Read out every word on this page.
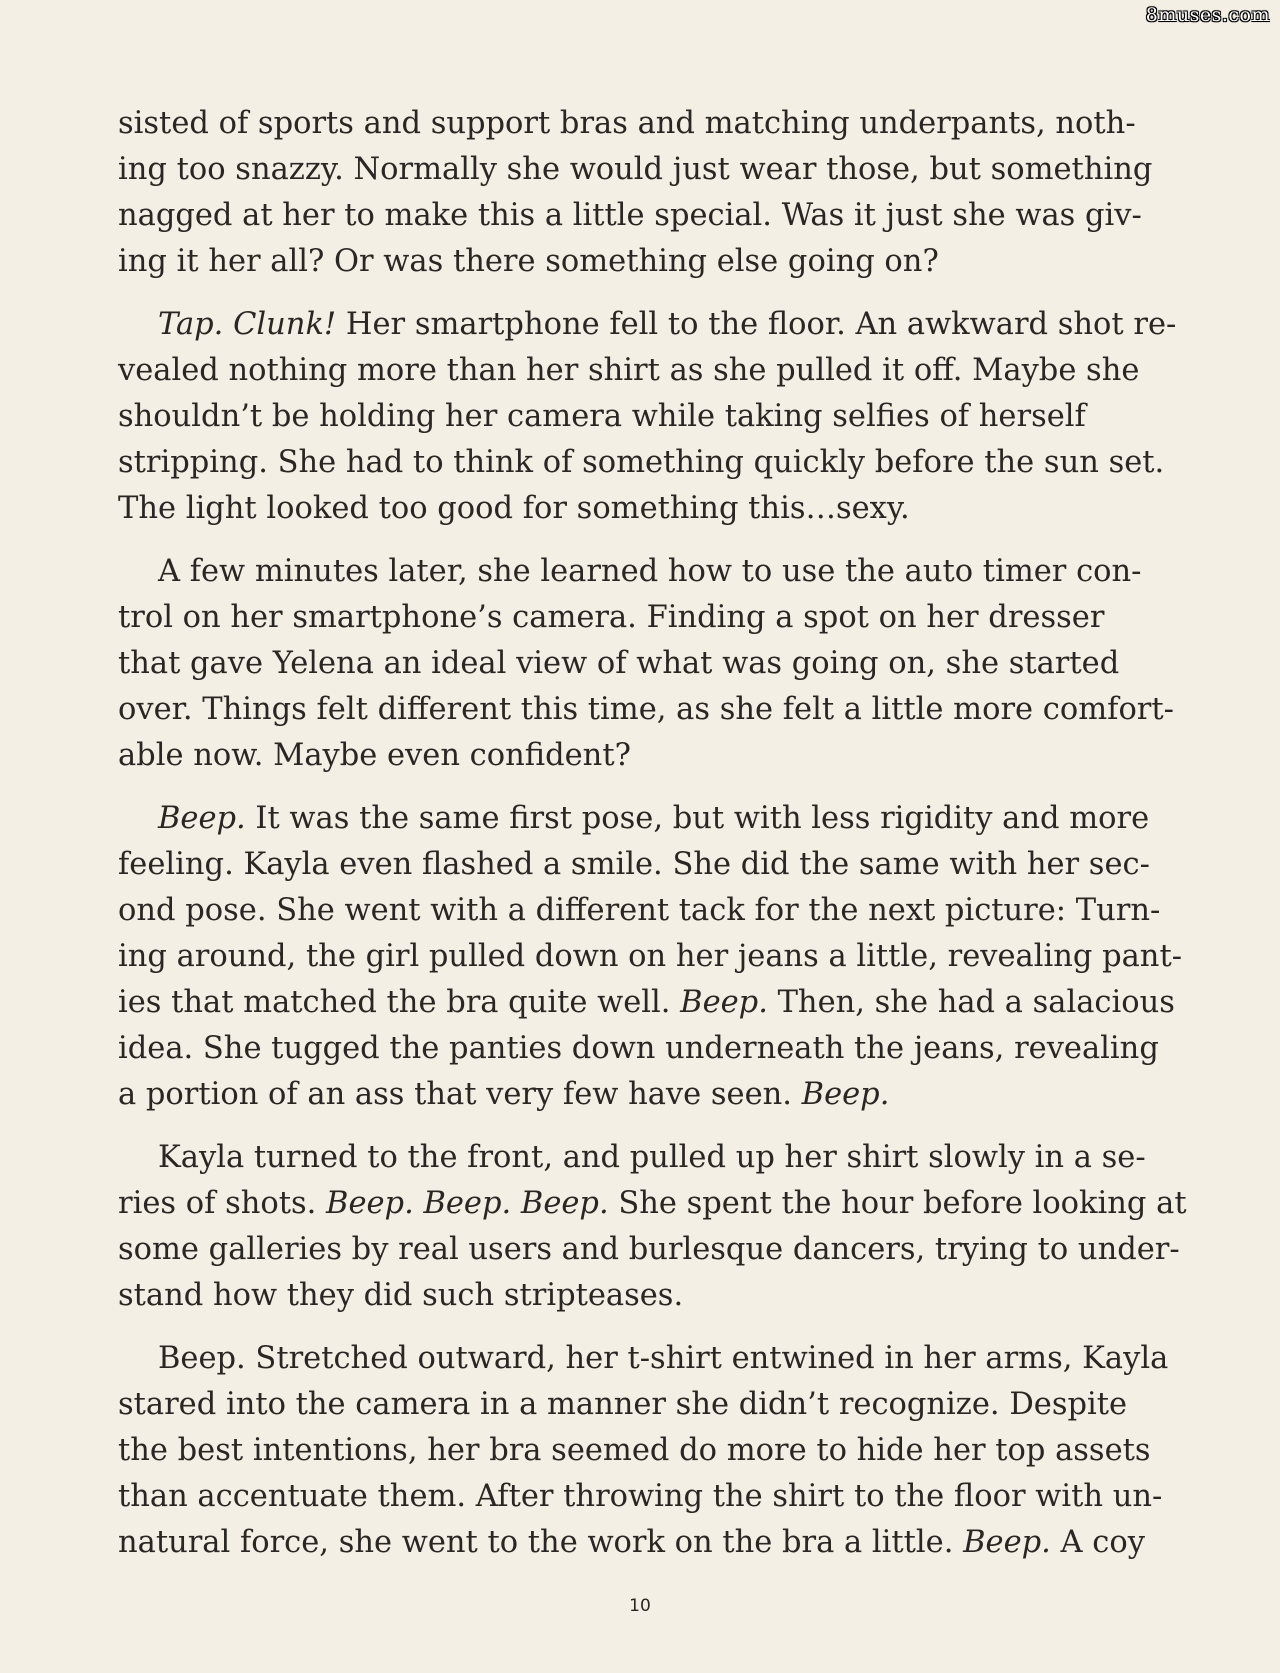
8muses.com

sisted of sports and support bras and matching underpants, noth-
ing too snazzy. Normally she would just wear those, but something
nagged at her to make this a little special. Was it just she was giv-
ing it her all? Or was there something else going on?

Tap. Clunk! Her smartphone fell to the floor. An awkward shot re-
vealed nothing more than her shirt as she pulled it off. Maybe she
shouldn’t be holding her camera while taking selfies of herself
stripping. She had to think of something quickly before the sun set.
The light looked too good for something this…sexy.

A few minutes later, she learned how to use the auto timer con-
trol on her smartphone’s camera. Finding a spot on her dresser
that gave Yelena an ideal view of what was going on, she started
over. Things felt different this time, as she felt a little more comfort-
able now. Maybe even confident?

Beep. It was the same first pose, but with less rigidity and more
feeling. Kayla even flashed a smile. She did the same with her sec-
ond pose. She went with a different tack for the next picture: Turn-
ing around, the girl pulled down on her jeans a little, revealing pant-
ies that matched the bra quite well. Beep. Then, she had a salacious
idea. She tugged the panties down underneath the jeans, revealing
a portion of an ass that very few have seen. Beep.

Kayla turned to the front, and pulled up her shirt slowly in a se-
ries of shots. Beep. Beep. Beep. She spent the hour before looking at
some galleries by real users and burlesque dancers, trying to under-
stand how they did such stripteases.

Beep. Stretched outward, her t-shirt entwined in her arms, Kayla
stared into the camera in a manner she didn’t recognize. Despite
the best intentions, her bra seemed do more to hide her top assets
than accentuate them. After throwing the shirt to the floor with un-
natural force, she went to the work on the bra a little. Beep. A coy

10
